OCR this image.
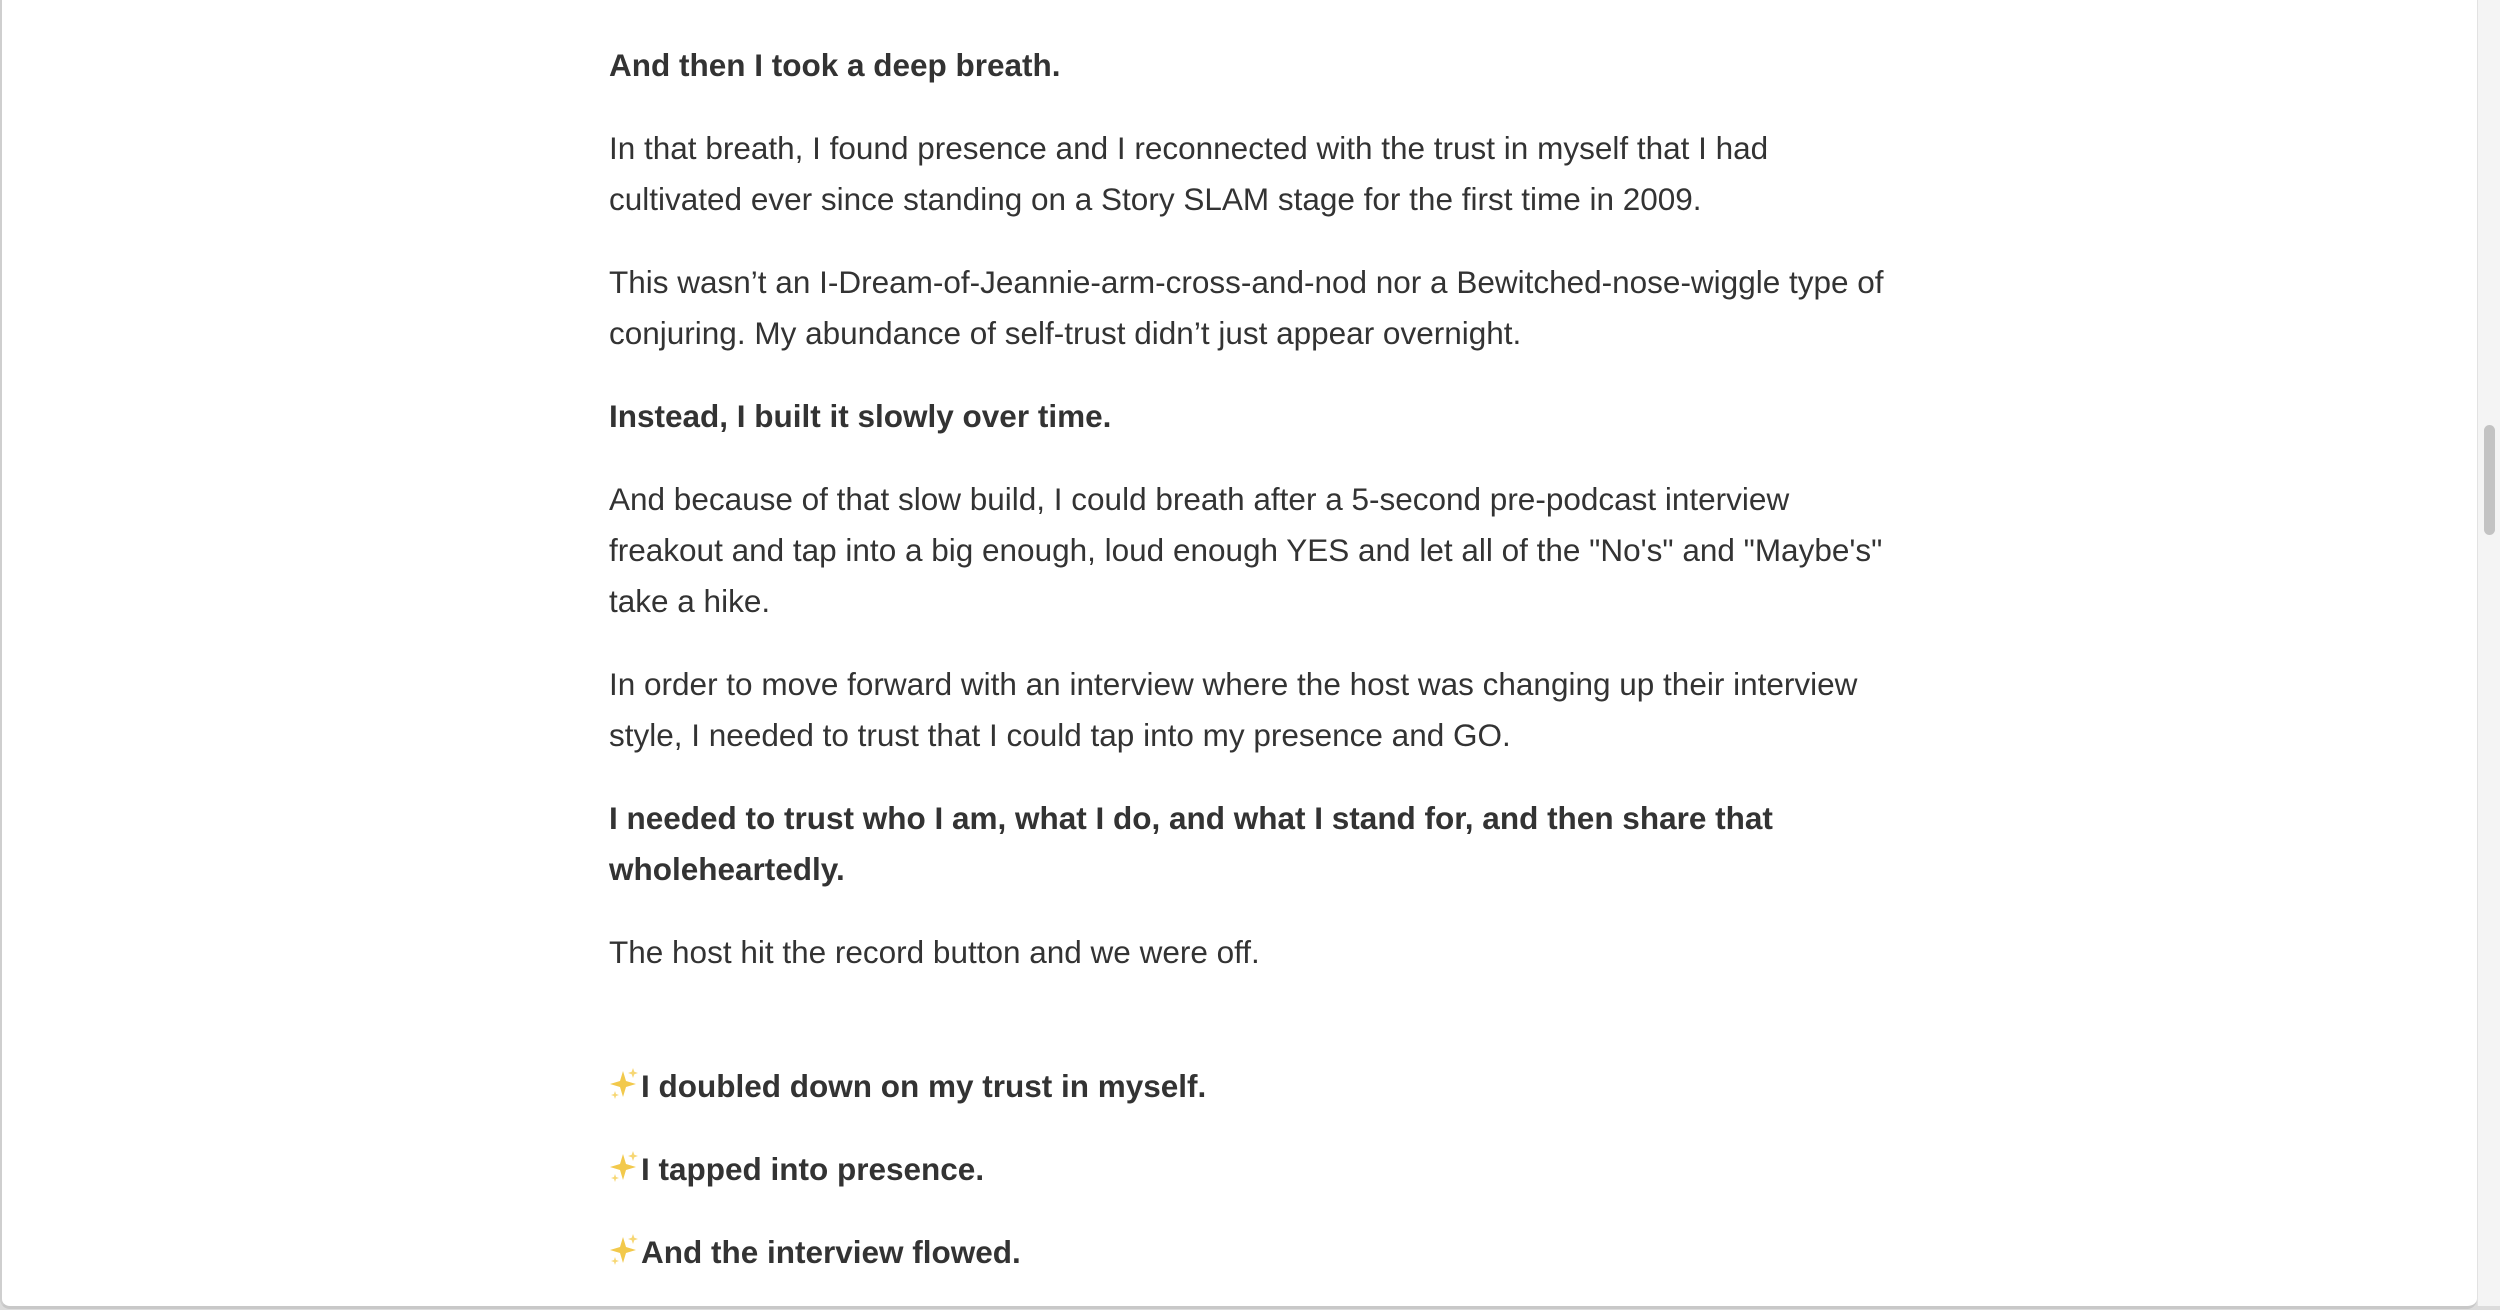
And then I took a deep breath.

In that breath, I found presence and I reconnected with the trust in myself that I had cultivated ever since standing on a Story SLAM stage for the first time in 2009.

This wasn’t an I-Dream-of-Jeannie-arm-cross-and-nod nor a Bewitched-nose-wiggle type of conjuring. My abundance of self-trust didn’t just appear overnight.

Instead, I built it slowly over time.

And because of that slow build, I could breath after a 5-second pre-podcast interview freakout and tap into a big enough, loud enough YES and let all of the "No's" and "Maybe's" take a hike.

In order to move forward with an interview where the host was changing up their interview style, I needed to trust that I could tap into my presence and GO.

I needed to trust who I am, what I do, and what I stand for, and then share that wholeheartedly.

The host hit the record button and we were off.

I doubled down on my trust in myself.

I tapped into presence.

And the interview flowed.
